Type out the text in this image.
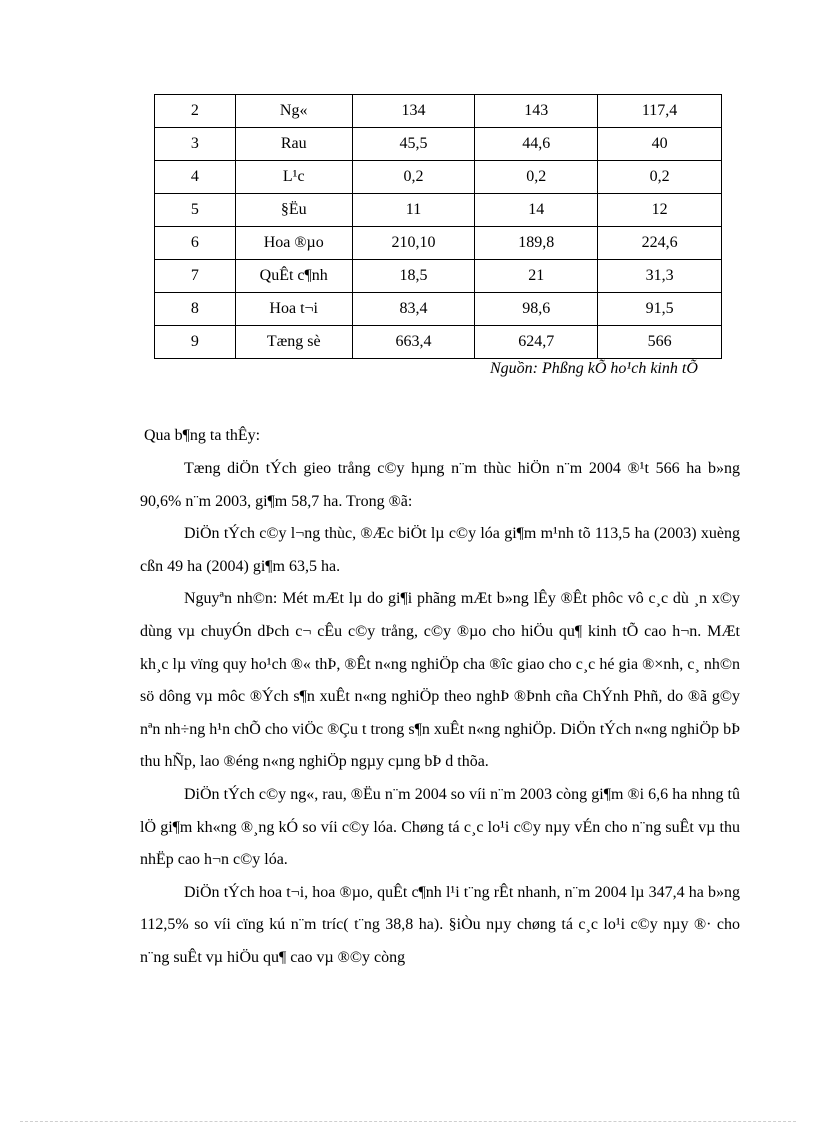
2	Ng«	134	143	117,4
3	Rau	45,5	44,6	40
4	L¹c	0,2	0,2	0,2
5	§Ëu	11	14	12
6	Hoa ®µo	210,10	189,8	224,6
7	QuÊt c¶nh	18,5	21	31,3
8	Hoa t¬i	83,4	98,6	91,5
9	Tæng sè	663,4	624,7	566
Nguồn: Phßng kÕ ho¹ch kinh tÕ
Qua b¶ng ta thÊy:

Tæng diÖn tÝch gieo trång c©y hµng n¨m thùc hiÖn n¨m 2004 ®¹t 566 ha b»ng 90,6% n¨m 2003, gi¶m 58,7 ha. Trong ®ã:

DiÖn tÝch c©y l¬ng thùc, ®Æc biÖt lµ c©y lóa gi¶m m¹nh tõ 113,5 ha (2003) xuèng cßn 49 ha (2004) gi¶m 63,5 ha.

Nguyªn nh©n: Mét mÆt lµ do gi¶i phãng mÆt b»ng lÊy ®Êt phôc vô c¸c dù ¸n x©y dùng vµ chuyÓn dÞch c¬ cÊu c©y trång, c©y ®µo cho hiÖu qu¶ kinh tÕ cao h¬n. MÆt kh¸c lµ vïng quy ho¹ch ®« thÞ, ®Êt n«ng nghiÖp cha ®îc giao cho c¸c hé gia ®×nh, c¸ nh©n sö dông vµ môc ®Ých s¶n xuÊt n«ng nghiÖp theo nghÞ ®Þnh cña ChÝnh Phñ, do ®ã g©y nªn nh÷ng h¹n chÕ cho viÖc ®Çu t trong s¶n xuÊt n«ng nghiÖp. DiÖn tÝch n«ng nghiÖp bÞ thu hÑp, lao ®éng n«ng nghiÖp ngµy cµng bÞ d thõa.

DiÖn tÝch c©y ng«, rau, ®Ëu n¨m 2004 so víi n¨m 2003 còng gi¶m ®i 6,6 ha nhng tû lÖ gi¶m kh«ng ®¸ng kÓ so víi c©y lóa. Chøng tá c¸c lo¹i c©y nµy vÉn cho n¨ng suÊt vµ thu nhËp cao h¬n c©y lóa.

DiÖn tÝch hoa t¬i, hoa ®µo, quÊt c¶nh l¹i t¨ng rÊt nhanh, n¨m 2004 lµ 347,4 ha b»ng 112,5% so víi cïng kú n¨m tríc( t¨ng 38,8 ha). §iÒu nµy chøng tá c¸c lo¹i c©y nµy ®· cho n¨ng suÊt vµ hiÖu qu¶ cao vµ ®©y còng
